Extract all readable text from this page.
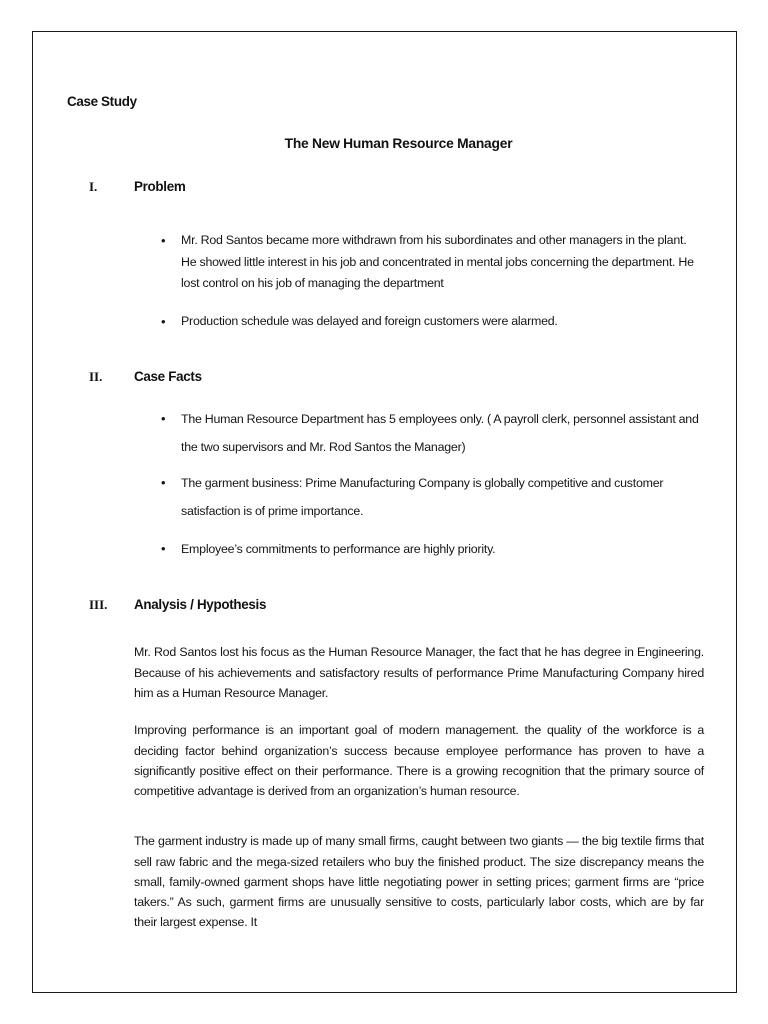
Case Study
The New Human Resource Manager
I.	Problem
• Mr. Rod Santos became more withdrawn from his subordinates and other managers in the plant. He showed little interest in his job and concentrated in mental jobs concerning the department. He lost control on his job of managing the department
• Production schedule was delayed and foreign customers were alarmed.
II. Case Facts
• The Human Resource Department has 5 employees only. ( A payroll clerk, personnel assistant and the two supervisors and Mr. Rod Santos the Manager)
• The garment business: Prime Manufacturing Company is globally competitive and customer satisfaction is of prime importance.
• Employee’s commitments to performance are highly priority.
III. Analysis / Hypothesis

Mr. Rod Santos lost his focus as the Human Resource Manager, the fact that he has degree in Engineering. Because of his achievements and satisfactory results of performance Prime Manufacturing Company hired him as a Human Resource Manager.

Improving performance is an important goal of modern management. the quality of the workforce is a deciding factor behind organization’s success because employee performance has proven to have a significantly positive effect on their performance. There is a growing recognition that the primary source of competitive advantage is derived from an organization’s human resource.

The garment industry is made up of many small firms, caught between two giants — the big textile firms that sell raw fabric and the mega-sized retailers who buy the finished product. The size discrepancy means the small, family-owned garment shops have little negotiating power in setting prices; garment firms are “price takers.” As such, garment firms are unusually sensitive to costs, particularly labor costs, which are by far their largest expense. It
